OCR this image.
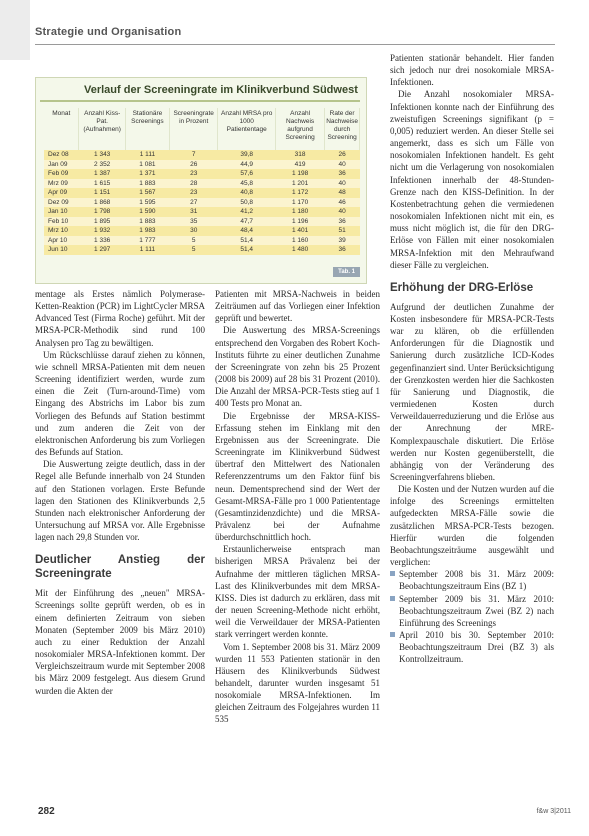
Strategie und Organisation
Verlauf der Screeningrate im Klinikverbund Südwest
Monat	Anzahl Kiss-Pat. (Aufnahmen)	Stationäre Screenings	Screeningrate in Prozent	Anzahl MRSA pro 1000 Patiententage	Anzahl Nachweis aufgrund Screening	Rate der Nachweise durch Screening
Dez 08	1 343	1 111	7	39,8	318	26
Jan 09	2 352	1 081	26	44,9	419	40
Feb 09	1 387	1 371	23	57,6	1 198	36
Mrz 09	1 615	1 883	28	45,8	1 201	40
Apr 09	1 151	1 567	23	40,8	1 172	48
Dez 09	1 868	1 595	27	50,8	1 170	46
Jan 10	1 798	1 590	31	41,2	1 180	40
Feb 10	1 895	1 883	35	47,7	1 196	36
Mrz 10	1 932	1 983	30	48,4	1 401	51
Apr 10	1 336	1 777	5	51,4	1 160	39
Jun 10	1 297	1 111	5	51,4	1 480	36
Tab. 1

mentage als Erstes nämlich Polymerase-Ketten-Reaktion (PCR) im LightCycler MRSA Advanced Test (Firma Roche) geführt. Mit der MRSA-PCR-Methodik sind rund 100 Analysen pro Tag zu bewältigen.

Um Rückschlüsse darauf ziehen zu können, wie schnell MRSA-Patienten mit dem neuen Screening identifiziert werden, wurde zum einen die Zeit (Turn-around-Time) vom Eingang des Abstrichs im Labor bis zum Vorliegen des Befunds auf Station bestimmt und zum anderen die Zeit von der elektronischen Anforderung bis zum Vorliegen des Befunds auf Station.

Die Auswertung zeigte deutlich, dass in der Regel alle Befunde innerhalb von 24 Stunden auf den Stationen vorlagen. Erste Befunde lagen den Stationen des Klinikverbunds 2,5 Stunden nach elektronischer Anforderung der Untersuchung auf MRSA vor. Alle Ergebnisse lagen nach 29,8 Stunden vor.

Deutlicher Anstieg der Screeningrate

Mit der Einführung des „neuen" MRSA-Screenings sollte geprüft werden, ob es in einem definierten Zeitraum von sieben Monaten (September 2009 bis März 2010) auch zu einer Reduktion der Anzahl nosokomialer MRSA-Infektionen kommt. Der Vergleichszeitraum wurde mit September 2008 bis März 2009 festgelegt. Aus diesem Grund wurden die Akten der

Patienten mit MRSA-Nachweis in beiden Zeiträumen auf das Vorliegen einer Infektion geprüft und bewertet.

Die Auswertung des MRSA-Screenings entsprechend den Vorgaben des Robert Koch-Instituts führte zu einer deutlichen Zunahme der Screeningrate von zehn bis 25 Prozent (2008 bis 2009) auf 28 bis 31 Prozent (2010). Die Anzahl der MRSA-PCR-Tests stieg auf 1 400 Tests pro Monat an.

Die Ergebnisse der MRSA-KISS-Erfassung stehen im Einklang mit den Ergebnissen aus der Screeningrate. Die Screeningrate im Klinikverbund Südwest übertraf den Mittelwert des Nationalen Referenzzentrums um den Faktor fünf bis neun. Dementsprechend sind der Wert der Gesamt-MRSA-Fälle pro 1 000 Patiententage (Gesamtinzidenzdichte) und die MRSA-Prävalenz bei der Aufnahme überdurchschnittlich hoch.

Erstaunlicherweise entsprach man bisherigen MRSA Prävalenz bei der Aufnahme der mittleren täglichen MRSA-Last des Klinikverbundes mit dem MRSA-KISS. Dies ist dadurch zu erklären, dass mit der neuen Screening-Methode nicht erhöht, weil die Verweildauer der MRSA-Patienten stark verringert werden konnte.

Vom 1. September 2008 bis 31. März 2009 wurden 11 553 Patienten stationär in den Häusern des Klinikverbunds Südwest behandelt, darunter wurden insgesamt 51 nosokomiale MRSA-Infektionen. Im gleichen Zeitraum des Folgejahres wurden 11 535

Patienten stationär behandelt. Hier fanden sich jedoch nur drei nosokomiale MRSA-Infektionen.

Die Anzahl nosokomialer MRSA-Infektionen konnte nach der Einführung des zweistufigen Screenings signifikant (p = 0,005) reduziert werden. An dieser Stelle sei angemerkt, dass es sich um Fälle von nosokomialen Infektionen handelt. Es geht nicht um die Verlagerung von nosokomialen Infektionen innerhalb der 48-Stunden-Grenze nach den KISS-Definition. In der Kostenbetrachtung gehen die vermiedenen nosokomialen Infektionen nicht mit ein, es muss nicht möglich ist, die für den DRG-Erlöse von Fällen mit einer nosokomialen MRSA-Infektion mit den Mehraufwand dieser Fälle zu vergleichen.

Erhöhung der DRG-Erlöse

Aufgrund der deutlichen Zunahme der Kosten insbesondere für MRSA-PCR-Tests war zu klären, ob die erfüllenden Anforderungen für die Diagnostik und Sanierung durch zusätzliche ICD-Kodes gegenfinanziert sind. Unter Berücksichtigung der Grenzkosten werden hier die Sachkosten für Sanierung und Diagnostik, die vermiedenen Kosten durch Verweildauerreduzierung und die Erlöse aus der Anrechnung der MRE-Komplexpauschale diskutiert. Die Erlöse werden nur Kosten gegenüberstellt, die abhängig von der Veränderung des Screeningverfahrens blieben.

Die Kosten und der Nutzen wurden auf die infolge des Screenings ermittelten aufgedeckten MRSA-Fälle sowie die zusätzlichen MRSA-PCR-Tests bezogen. Hierfür wurden die folgenden Beobachtungszeiträume ausgewählt und verglichen:

September 2008 bis 31. März 2009: Beobachtungszeitraum Eins (BZ 1)
September 2009 bis 31. März 2010: Beobachtungszeitraum Zwei (BZ 2) nach Einführung des Screenings
April 2010 bis 30. September 2010: Beobachtungszeitraum Drei (BZ 3) als Kontrollzeitraum.
282	f&w 3|2011
